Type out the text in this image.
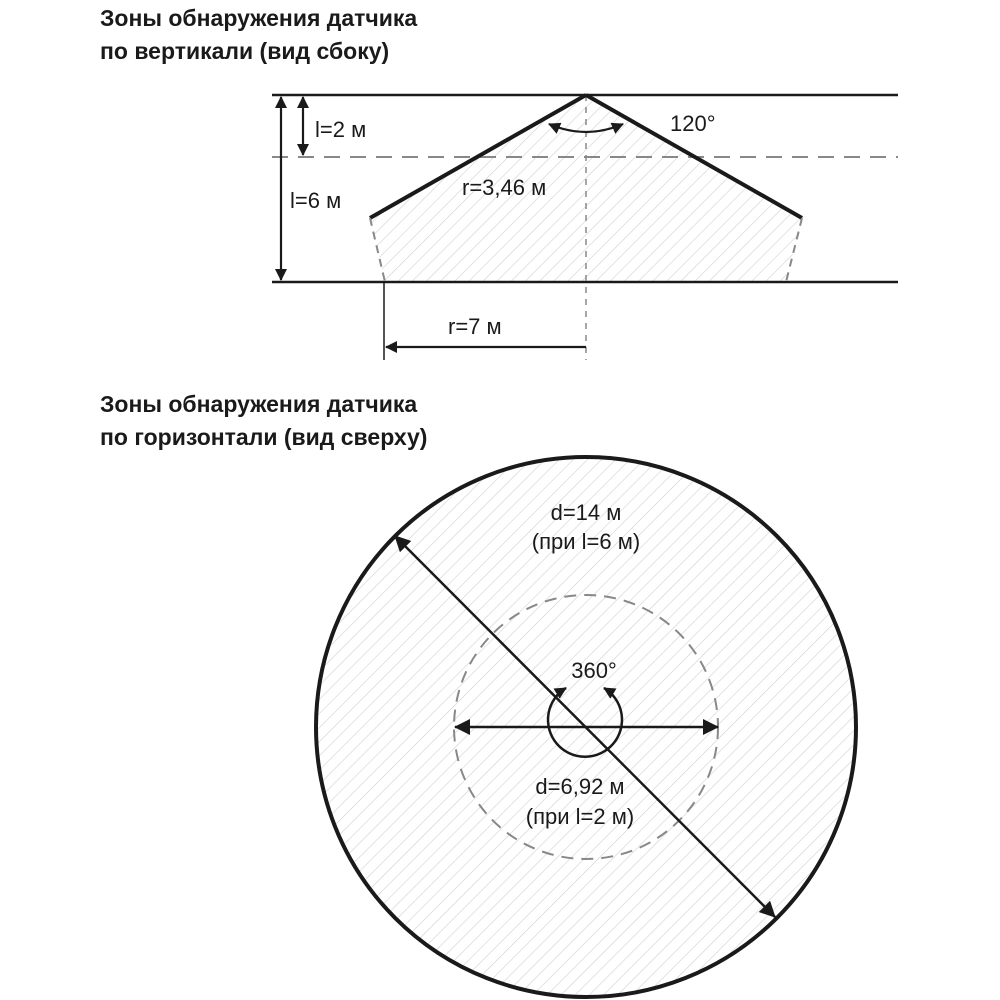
Зоны обнаружения датчика
по вертикали (вид сбоку)
Зоны обнаружения датчика
по горизонтали (вид сверху)
l=2 м
l=6 м
120°
r=3,46 м
r=7 м
d=14 м
(при l=6 м)
360°
d=6,92 м
(при l=2 м)
